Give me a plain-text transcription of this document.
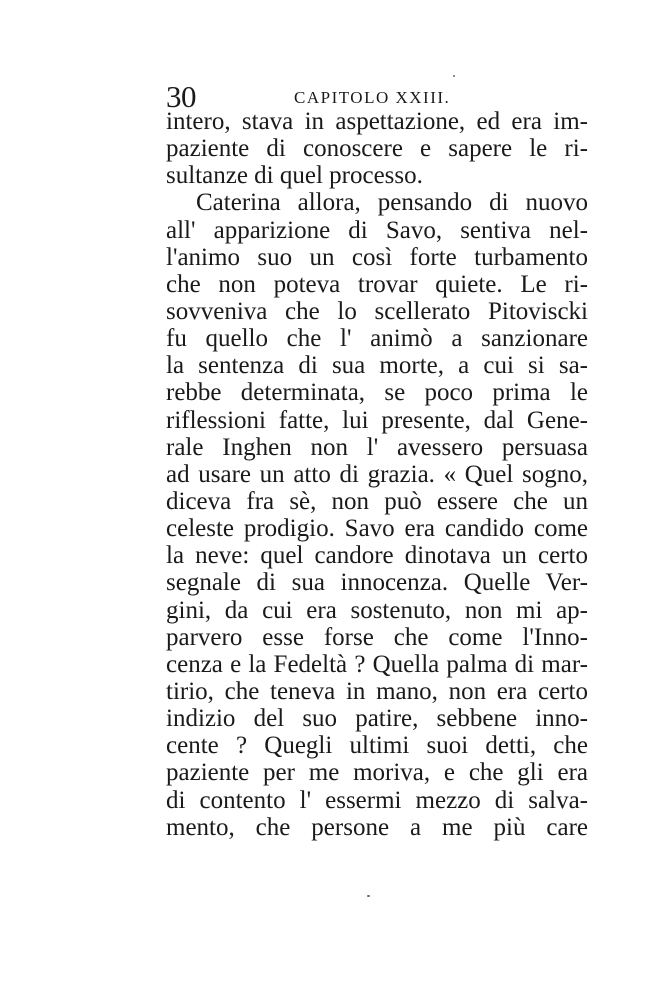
30	CAPITOLO XXIII.
intero, stava in aspettazione, ed era im-
paziente di conoscere e sapere le ri-
sultanze di quel processo.
Caterina allora, pensando di nuovo
all' apparizione di Savo, sentiva nel-
l'animo suo un così forte turbamento
che non poteva trovar quiete. Le ri-
sovveniva che lo scellerato Pitoviscki
fu quello che l' animò a sanzionare
la sentenza di sua morte, a cui si sa-
rebbe determinata, se poco prima le
riflessioni fatte, lui presente, dal Gene-
rale Inghen non l' avessero persuasa
ad usare un atto di grazia. « Quel sogno,
diceva fra sè, non può essere che un
celeste prodigio. Savo era candido come
la neve: quel candore dinotava un certo
segnale di sua innocenza. Quelle Ver-
gini, da cui era sostenuto, non mi ap-
parvero esse forse che come l'Inno-
cenza e la Fedeltà ? Quella palma di mar-
tirio, che teneva in mano, non era certo
indizio del suo patire, sebbene inno-
cente ? Quegli ultimi suoi detti, che
paziente per me moriva, e che gli era
di contento l' essermi mezzo di salva-
mento, che persone a me più care
